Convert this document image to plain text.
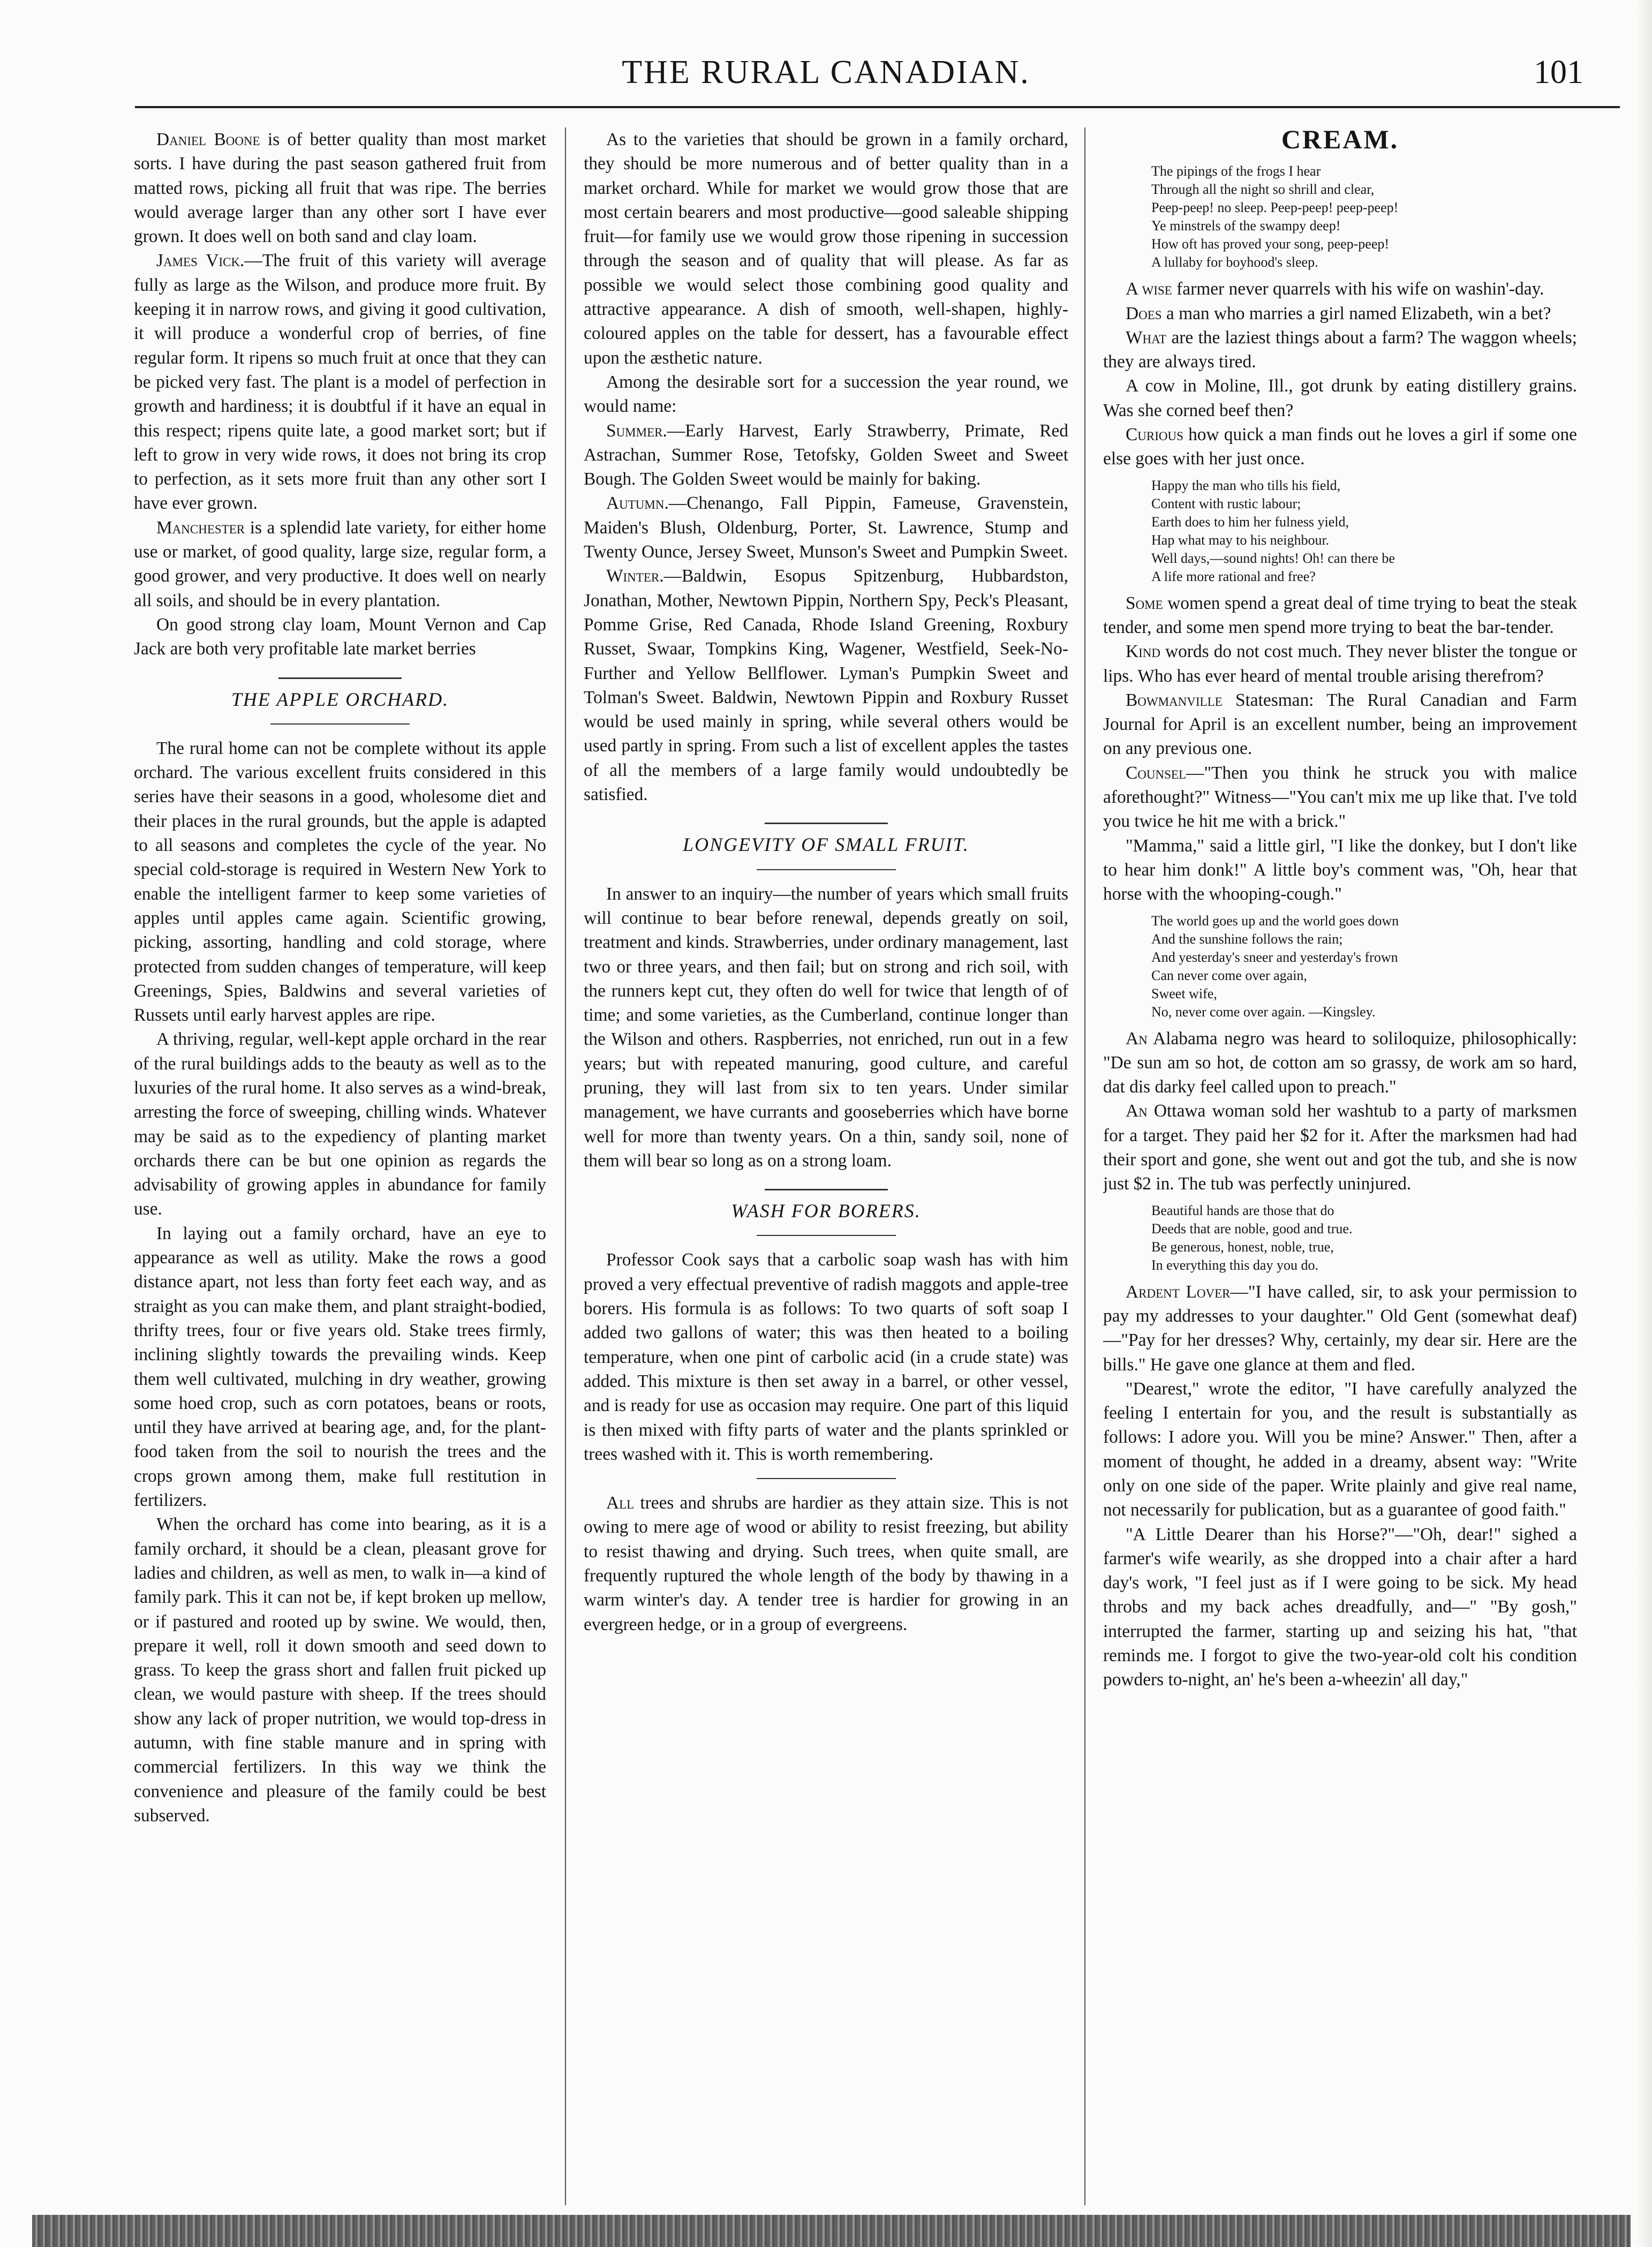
THE RURAL CANADIAN.	101

Daniel Boone is of better quality than most market sorts. I have during the past season gathered fruit from matted rows, picking all fruit that was ripe. The berries would average larger than any other sort I have ever grown. It does well on both sand and clay loam.

James Vick.—The fruit of this variety will average fully as large as the Wilson, and produce more fruit. By keeping it in narrow rows, and giving it good cultivation, it will produce a wonderful crop of berries, of fine regular form. It ripens so much fruit at once that they can be picked very fast. The plant is a model of perfection in growth and hardiness; it is doubtful if it have an equal in this respect; ripens quite late, a good market sort; but if left to grow in very wide rows, it does not bring its crop to perfection, as it sets more fruit than any other sort I have ever grown.

Manchester is a splendid late variety, for either home use or market, of good quality, large size, regular form, a good grower, and very productive. It does well on nearly all soils, and should be in every plantation.

On good strong clay loam, Mount Vernon and Cap Jack are both very profitable late market berries

THE APPLE ORCHARD.

The rural home can not be complete without its apple orchard. The various excellent fruits considered in this series have their seasons in a good, wholesome diet and their places in the rural grounds, but the apple is adapted to all seasons and completes the cycle of the year. No special cold-storage is required in Western New York to enable the intelligent farmer to keep some varieties of apples until apples came again. Scientific growing, picking, assorting, handling and cold storage, where protected from sudden changes of temperature, will keep Greenings, Spies, Baldwins and several varieties of Russets until early harvest apples are ripe.

A thriving, regular, well-kept apple orchard in the rear of the rural buildings adds to the beauty as well as to the luxuries of the rural home. It also serves as a wind-break, arresting the force of sweeping, chilling winds. Whatever may be said as to the expediency of planting market orchards there can be but one opinion as regards the advisability of growing apples in abundance for family use.

In laying out a family orchard, have an eye to appearance as well as utility. Make the rows a good distance apart, not less than forty feet each way, and as straight as you can make them, and plant straight-bodied, thrifty trees, four or five years old. Stake trees firmly, inclining slightly towards the prevailing winds. Keep them well cultivated, mulching in dry weather, growing some hoed crop, such as corn potatoes, beans or roots, until they have arrived at bearing age, and, for the plant-food taken from the soil to nourish the trees and the crops grown among them, make full restitution in fertilizers.

When the orchard has come into bearing, as it is a family orchard, it should be a clean, pleasant grove for ladies and children, as well as men, to walk in—a kind of family park. This it can not be, if kept broken up mellow, or if pastured and rooted up by swine. We would, then, prepare it well, roll it down smooth and seed down to grass. To keep the grass short and fallen fruit picked up clean, we would pasture with sheep. If the trees should show any lack of proper nutrition, we would top-dress in autumn, with fine stable manure and in spring with commercial fertilizers. In this way we think the convenience and pleasure of the family could be best subserved.

As to the varieties that should be grown in a family orchard, they should be more numerous and of better quality than in a market orchard. While for market we would grow those that are most certain bearers and most productive—good saleable shipping fruit—for family use we would grow those ripening in succession through the season and of quality that will please. As far as possible we would select those combining good quality and attractive appearance. A dish of smooth, well-shapen, highly-coloured apples on the table for dessert, has a favourable effect upon the æsthetic nature.

Among the desirable sort for a succession the year round, we would name:

Summer.—Early Harvest, Early Strawberry, Primate, Red Astrachan, Summer Rose, Tetofsky, Golden Sweet and Sweet Bough. The Golden Sweet would be mainly for baking.

Autumn.—Chenango, Fall Pippin, Fameuse, Gravenstein, Maiden's Blush, Oldenburg, Porter, St. Lawrence, Stump and Twenty Ounce, Jersey Sweet, Munson's Sweet and Pumpkin Sweet.

Winter.—Baldwin, Esopus Spitzenburg, Hubbardston, Jonathan, Mother, Newtown Pippin, Northern Spy, Peck's Pleasant, Pomme Grise, Red Canada, Rhode Island Greening, Roxbury Russet, Swaar, Tompkins King, Wagener, Westfield, Seek-No-Further and Yellow Bellflower. Lyman's Pumpkin Sweet and Tolman's Sweet. Baldwin, Newtown Pippin and Roxbury Russet would be used mainly in spring, while several others would be used partly in spring. From such a list of excellent apples the tastes of all the members of a large family would undoubtedly be satisfied.

LONGEVITY OF SMALL FRUIT.

In answer to an inquiry—the number of years which small fruits will continue to bear before renewal, depends greatly on soil, treatment and kinds. Strawberries, under ordinary management, last two or three years, and then fail; but on strong and rich soil, with the runners kept cut, they often do well for twice that length of of time; and some varieties, as the Cumberland, continue longer than the Wilson and others. Raspberries, not enriched, run out in a few years; but with repeated manuring, good culture, and careful pruning, they will last from six to ten years. Under similar management, we have currants and gooseberries which have borne well for more than twenty years. On a thin, sandy soil, none of them will bear so long as on a strong loam.

WASH FOR BORERS.

Professor Cook says that a carbolic soap wash has with him proved a very effectual preventive of radish maggots and apple-tree borers. His formula is as follows: To two quarts of soft soap I added two gallons of water; this was then heated to a boiling temperature, when one pint of carbolic acid (in a crude state) was added. This mixture is then set away in a barrel, or other vessel, and is ready for use as occasion may require. One part of this liquid is then mixed with fifty parts of water and the plants sprinkled or trees washed with it. This is worth remembering.

All trees and shrubs are hardier as they attain size. This is not owing to mere age of wood or ability to resist freezing, but ability to resist thawing and drying. Such trees, when quite small, are frequently ruptured the whole length of the body by thawing in a warm winter's day. A tender tree is hardier for growing in an evergreen hedge, or in a group of evergreens.

CREAM.
The pipings of the frogs I hear
Through all the night so shrill and clear,
Peep-peep! no sleep. Peep-peep! peep-peep!
Ye minstrels of the swampy deep!
How oft has proved your song, peep-peep!
A lullaby for boyhood's sleep.

A wise farmer never quarrels with his wife on washin'-day.

Does a man who marries a girl named Elizabeth, win a bet?

What are the laziest things about a farm? The waggon wheels; they are always tired.

A cow in Moline, Ill., got drunk by eating distillery grains. Was she corned beef then?

Curious how quick a man finds out he loves a girl if some one else goes with her just once.

Happy the man who tills his field,
Content with rustic labour;
Earth does to him her fulness yield,
Hap what may to his neighbour.
Well days,—sound nights! Oh! can there be
A life more rational and free?

Some women spend a great deal of time trying to beat the steak tender, and some men spend more trying to beat the bar-tender.

Kind words do not cost much. They never blister the tongue or lips. Who has ever heard of mental trouble arising therefrom?

Bowmanville Statesman: The Rural Canadian and Farm Journal for April is an excellent number, being an improvement on any previous one.

Counsel—"Then you think he struck you with malice aforethought?" Witness—"You can't mix me up like that. I've told you twice he hit me with a brick."

"Mamma," said a little girl, "I like the donkey, but I don't like to hear him donk!" A little boy's comment was, "Oh, hear that horse with the whooping-cough."

The world goes up and the world goes down
And the sunshine follows the rain;
And yesterday's sneer and yesterday's frown
Can never come over again,
Sweet wife,
No, never come over again. —Kingsley.

An Alabama negro was heard to soliloquize, philosophically: "De sun am so hot, de cotton am so grassy, de work am so hard, dat dis darky feel called upon to preach."

An Ottawa woman sold her washtub to a party of marksmen for a target. They paid her $2 for it. After the marksmen had had their sport and gone, she went out and got the tub, and she is now just $2 in. The tub was perfectly uninjured.

Beautiful hands are those that do
Deeds that are noble, good and true.
Be generous, honest, noble, true,
In everything this day you do.

Ardent Lover—"I have called, sir, to ask your permission to pay my addresses to your daughter." Old Gent (somewhat deaf)—"Pay for her dresses? Why, certainly, my dear sir. Here are the bills." He gave one glance at them and fled.

"Dearest," wrote the editor, "I have carefully analyzed the feeling I entertain for you, and the result is substantially as follows: I adore you. Will you be mine? Answer." Then, after a moment of thought, he added in a dreamy, absent way: "Write only on one side of the paper. Write plainly and give real name, not necessarily for publication, but as a guarantee of good faith."

"A Little Dearer than his Horse?"—"Oh, dear!" sighed a farmer's wife wearily, as she dropped into a chair after a hard day's work, "I feel just as if I were going to be sick. My head throbs and my back aches dreadfully, and—" "By gosh," interrupted the farmer, starting up and seizing his hat, "that reminds me. I forgot to give the two-year-old colt his condition powders to-night, an' he's been a-wheezin' all day,"
